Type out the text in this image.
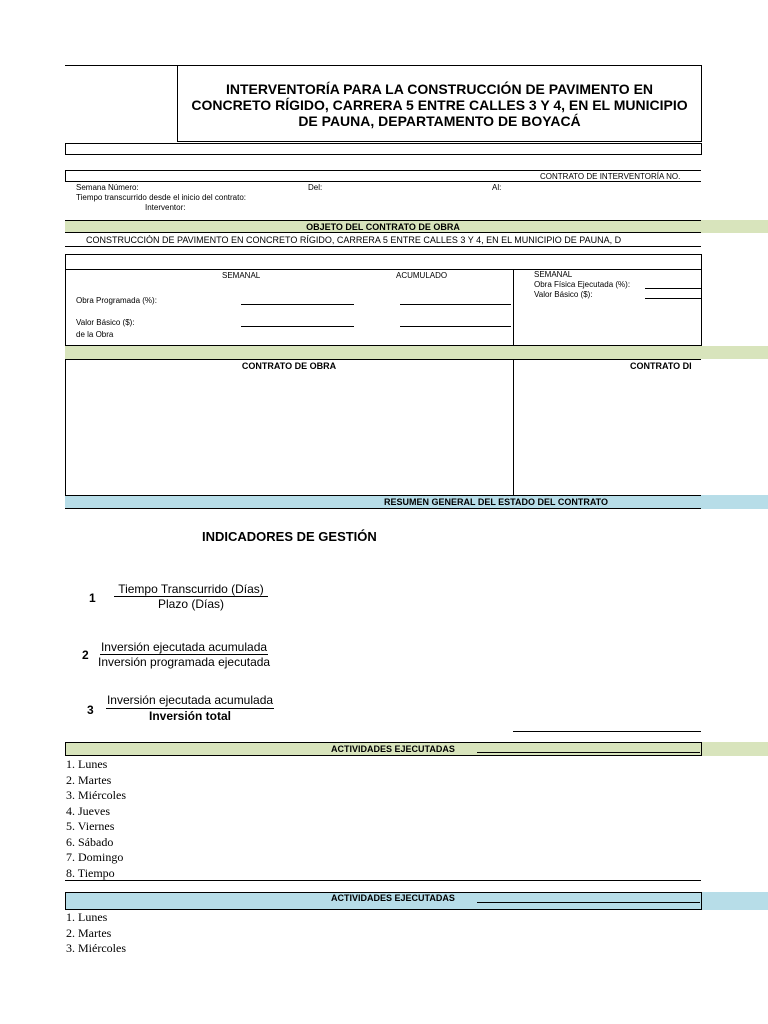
INTERVENTORÍA PARA LA CONSTRUCCIÓN DE PAVIMENTO EN
CONCRETO RÍGIDO, CARRERA 5 ENTRE CALLES 3 Y 4, EN EL MUNICIPIO
DE PAUNA, DEPARTAMENTO DE BOYACÁ
CONTRATO DE INTERVENTORÍA NO.
Semana Número:	Del:	Al:
Tiempo transcurrido desde el inicio del contrato:
Interventor:
OBJETO DEL CONTRATO DE OBRA
CONSTRUCCIÓN DE PAVIMENTO EN CONCRETO RÍGIDO, CARRERA 5 ENTRE CALLES 3 Y 4, EN EL MUNICIPIO DE PAUNA, D
SEMANAL	ACUMULADO
Obra Programada (%):
Valor Básico ($):
de la Obra
SEMANAL
Obra Física Ejecutada (%):
Valor Básico ($):
CONTRATO DE OBRA	CONTRATO DI
RESUMEN GENERAL DEL ESTADO DEL CONTRATO
INDICADORES DE GESTIÓN
1
Tiempo Transcurrido (Días)
Plazo (Días)
2
Inversión ejecutada acumulada
Inversión programada ejecutada
3
Inversión ejecutada acumulada
Inversión total
ACTIVIDADES EJECUTADAS
1. Lunes
2. Martes
3. Miércoles
4. Jueves
5. Viernes
6. Sábado
7. Domingo
8. Tiempo
ACTIVIDADES EJECUTADAS
1. Lunes
2. Martes
3. Miércoles
